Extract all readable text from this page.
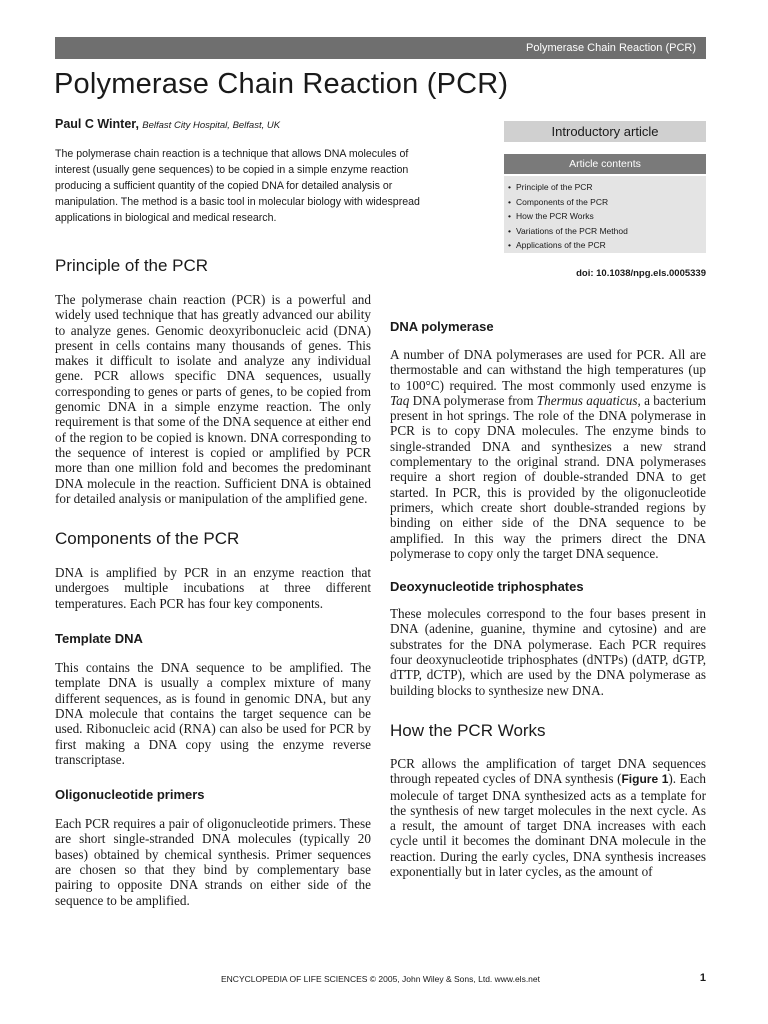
Polymerase Chain Reaction (PCR)
Polymerase Chain Reaction (PCR)
Paul C Winter, Belfast City Hospital, Belfast, UK
The polymerase chain reaction is a technique that allows DNA molecules of interest (usually gene sequences) to be copied in a simple enzyme reaction producing a sufficient quantity of the copied DNA for detailed analysis or manipulation. The method is a basic tool in molecular biology with widespread applications in biological and medical research.
Introductory article
Article contents
• Principle of the PCR
• Components of the PCR
• How the PCR Works
• Variations of the PCR Method
• Applications of the PCR
doi: 10.1038/npg.els.0005339
Principle of the PCR

The polymerase chain reaction (PCR) is a powerful and widely used technique that has greatly advanced our ability to analyze genes. Genomic deoxyribonucleic acid (DNA) present in cells contains many thousands of genes. This makes it difficult to isolate and analyze any individual gene. PCR allows specific DNA sequences, usually corresponding to genes or parts of genes, to be copied from genomic DNA in a simple enzyme reaction. The only requirement is that some of the DNA sequence at either end of the region to be copied is known. DNA corresponding to the sequence of interest is copied or amplified by PCR more than one million fold and becomes the predominant DNA molecule in the reaction. Sufficient DNA is obtained for detailed analysis or manipulation of the amplified gene.

Components of the PCR

DNA is amplified by PCR in an enzyme reaction that undergoes multiple incubations at three different temperatures. Each PCR has four key components.

Template DNA

This contains the DNA sequence to be amplified. The template DNA is usually a complex mixture of many different sequences, as is found in genomic DNA, but any DNA molecule that contains the target sequence can be used. Ribonucleic acid (RNA) can also be used for PCR by first making a DNA copy using the enzyme reverse transcriptase.

Oligonucleotide primers

Each PCR requires a pair of oligonucleotide primers. These are short single-stranded DNA molecules (typically 20 bases) obtained by chemical synthesis. Primer sequences are chosen so that they bind by complementary base pairing to opposite DNA strands on either side of the sequence to be amplified.

DNA polymerase

A number of DNA polymerases are used for PCR. All are thermostable and can withstand the high temperatures (up to 100°C) required. The most commonly used enzyme is Taq DNA polymerase from Thermus aquaticus, a bacterium present in hot springs. The role of the DNA polymerase in PCR is to copy DNA molecules. The enzyme binds to single-stranded DNA and synthesizes a new strand complementary to the original strand. DNA polymerases require a short region of double-stranded DNA to get started. In PCR, this is provided by the oligonucleotide primers, which create short double-stranded regions by binding on either side of the DNA sequence to be amplified. In this way the primers direct the DNA polymerase to copy only the target DNA sequence.

Deoxynucleotide triphosphates

These molecules correspond to the four bases present in DNA (adenine, guanine, thymine and cytosine) and are substrates for the DNA polymerase. Each PCR requires four deoxynucleotide triphosphates (dNTPs) (dATP, dGTP, dTTP, dCTP), which are used by the DNA polymerase as building blocks to synthesize new DNA.

How the PCR Works

PCR allows the amplification of target DNA sequences through repeated cycles of DNA synthesis (Figure 1). Each molecule of target DNA synthesized acts as a template for the synthesis of new target molecules in the next cycle. As a result, the amount of target DNA increases with each cycle until it becomes the dominant DNA molecule in the reaction. During the early cycles, DNA synthesis increases exponentially but in later cycles, as the amount of

ENCYCLOPEDIA OF LIFE SCIENCES © 2005, John Wiley & Sons, Ltd. www.els.net	1
